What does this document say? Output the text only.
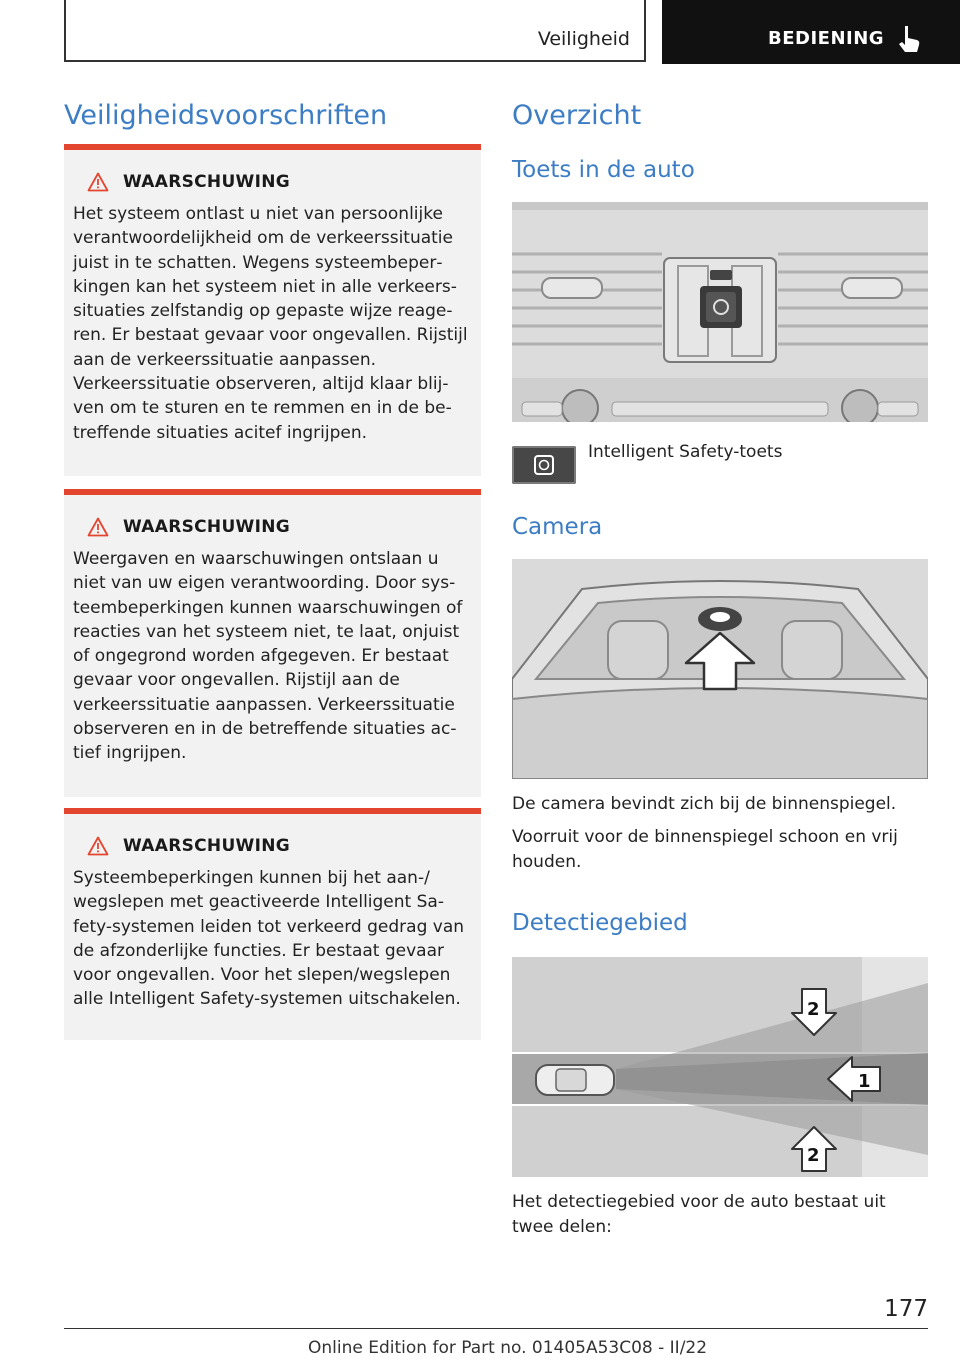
Veiligheid	BEDIENING
Veiligheidsvoorschriften
WAARSCHUWING

Het systeem ontlast u niet van persoonlijke verantwoordelijkheid om de verkeerssituatie juist in te schatten. Wegens systeembeperkingen kan het systeem niet in alle verkeerssituaties zelfstandig op gepaste wijze reageren. Er bestaat gevaar voor ongevallen. Rijstijl aan de verkeerssituatie aanpassen. Verkeerssituatie observeren, altijd klaar blijven om te sturen en te remmen en in de betreffende situaties acitef ingrijpen.

WAARSCHUWING

Weergaven en waarschuwingen ontslaan u niet van uw eigen verantwoording. Door systeembeperkingen kunnen waarschuwingen of reacties van het systeem niet, te laat, onjuist of ongegrond worden afgegeven. Er bestaat gevaar voor ongevallen. Rijstijl aan de verkeerssituatie aanpassen. Verkeerssituatie observeren en in de betreffende situaties actief ingrijpen.

WAARSCHUWING

Systeembeperkingen kunnen bij het aan-/ wegslepen met geactiveerde Intelligent Safety-systemen leiden tot verkeerd gedrag van de afzonderlijke functies. Er bestaat gevaar voor ongevallen. Voor het slepen/wegslepen alle Intelligent Safety-systemen uitschakelen.

Overzicht
Toets in de auto
Intelligent Safety-toets
Camera

De camera bevindt zich bij de binnenspiegel.

Voorruit voor de binnenspiegel schoon en vrij houden.

Detectiegebied
1
2
2

Het detectiegebied voor de auto bestaat uit twee delen:

177
Online Edition for Part no. 01405A53C08 - II/22
